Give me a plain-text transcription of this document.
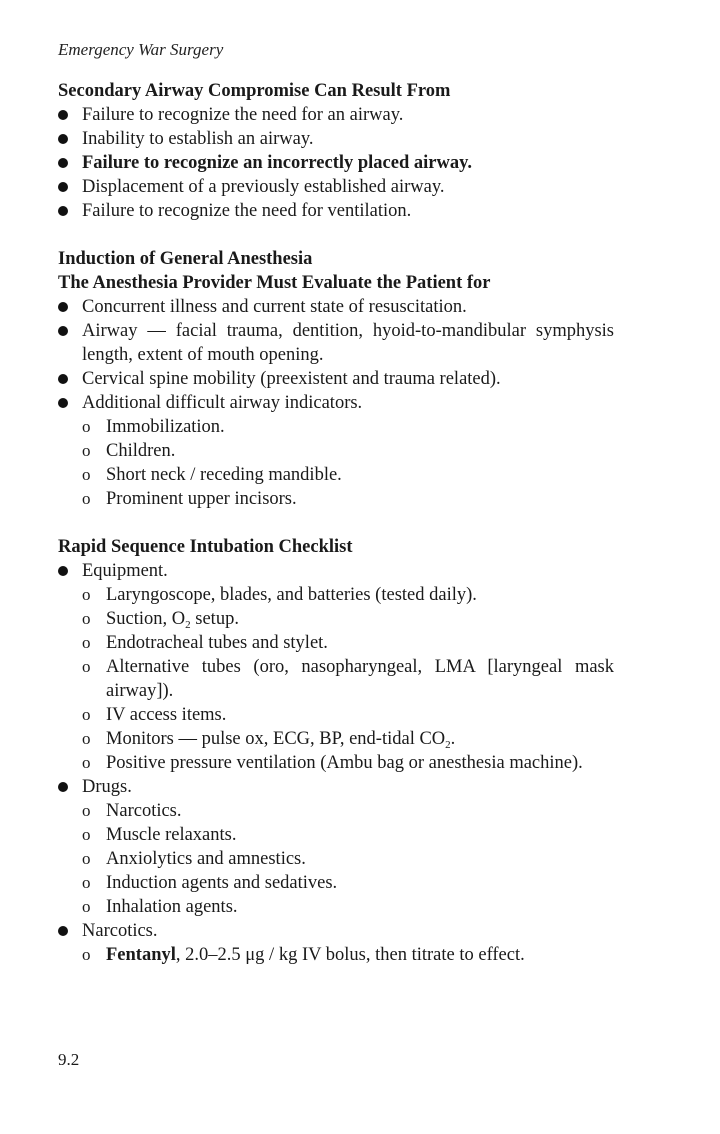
Emergency War Surgery
Secondary Airway Compromise Can Result From
Failure to recognize the need for an airway.
Inability to establish an airway.
Failure to recognize an incorrectly placed airway.
Displacement of a previously established airway.
Failure to recognize the need for ventilation.
Induction of General Anesthesia
The Anesthesia Provider Must Evaluate the Patient for
Concurrent illness and current state of resuscitation.
Airway — facial trauma, dentition, hyoid-to-mandibular symphysis length, extent of mouth opening.
Cervical spine mobility (preexistent and trauma related).
Additional difficult airway indicators.
o Immobilization.
o Children.
o Short neck / receding mandible.
o Prominent upper incisors.
Rapid Sequence Intubation Checklist
Equipment.
o Laryngoscope, blades, and batteries (tested daily).
o Suction, $O_2$ setup.
o Endotracheal tubes and stylet.
o Alternative tubes (oro, nasopharyngeal, LMA [laryngeal mask airway]).
o IV access items.
o Monitors — pulse ox, ECG, BP, end-tidal $CO_2$.
o Positive pressure ventilation (Ambu bag or anesthesia machine).
Drugs.
o Narcotics.
o Muscle relaxants.
o Anxiolytics and amnestics.
o Induction agents and sedatives.
o Inhalation agents.
Narcotics.
o Fentanyl, 2.0–2.5 μg / kg IV bolus, then titrate to effect.
9.2
